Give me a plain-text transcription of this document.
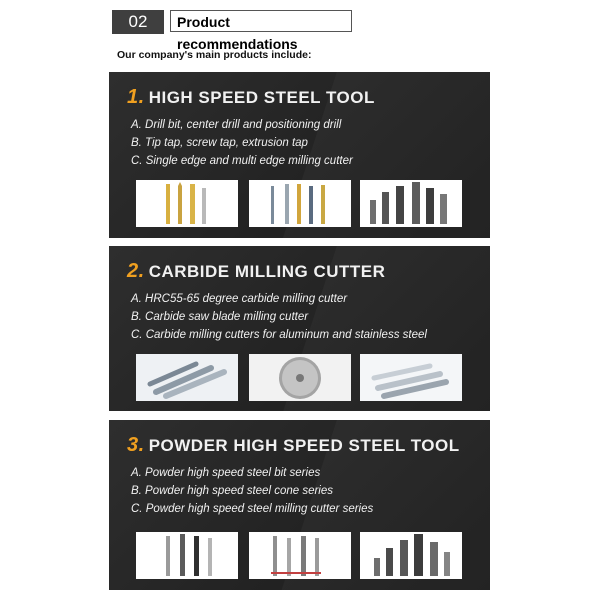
02	Product recommendations
Our company's main products include:
1. HIGH SPEED STEEL TOOL
A. Drill bit, center drill and positioning drill
B. Tip tap, screw tap, extrusion tap
C. Single edge and multi edge milling cutter
2. CARBIDE MILLING CUTTER
A. HRC55-65 degree carbide milling cutter
B. Carbide saw blade milling cutter
C. Carbide milling cutters for aluminum and stainless steel
3. POWDER HIGH SPEED STEEL TOOL
A. Powder high speed steel bit series
B. Powder high speed steel cone series
C. Powder high speed steel milling cutter series
